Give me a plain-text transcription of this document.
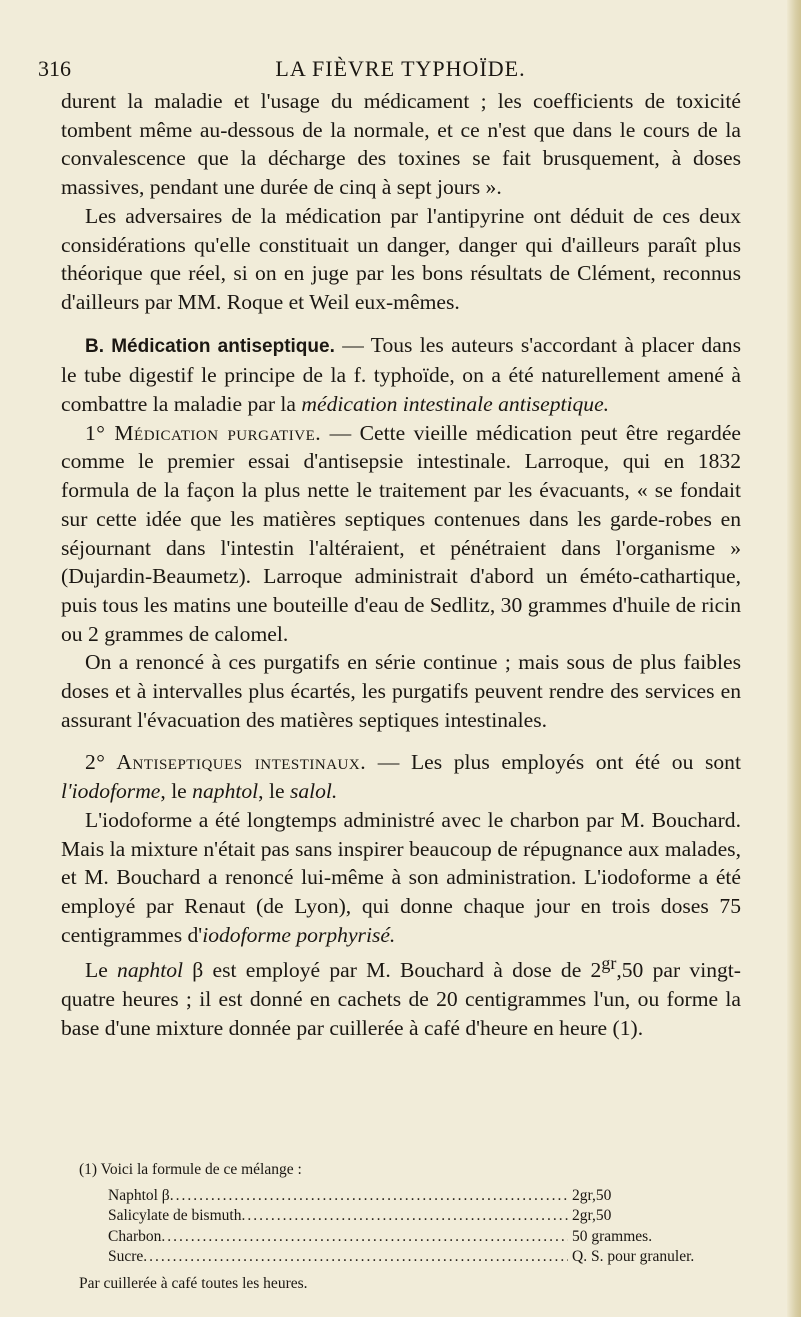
316	LA FIÈVRE TYPHOÏDE.

durent la maladie et l'usage du médicament ; les coefficients de toxicité tombent même au-dessous de la normale, et ce n'est que dans le cours de la convalescence que la décharge des toxines se fait brusquement, à doses massives, pendant une durée de cinq à sept jours ».

Les adversaires de la médication par l'antipyrine ont déduit de ces deux considérations qu'elle constituait un danger, danger qui d'ailleurs paraît plus théorique que réel, si on en juge par les bons résultats de Clément, reconnus d'ailleurs par MM. Roque et Weil eux-mêmes.

B. Médication antiseptique. — Tous les auteurs s'accordant à placer dans le tube digestif le principe de la f. typhoïde, on a été naturellement amené à combattre la maladie par la médication intestinale antiseptique.

1° Médication purgative. — Cette vieille médication peut être regardée comme le premier essai d'antisepsie intestinale. Larroque, qui en 1832 formula de la façon la plus nette le traitement par les évacuants, « se fondait sur cette idée que les matières septiques contenues dans les garde-robes en séjournant dans l'intestin l'altéraient, et pénétraient dans l'organisme » (Dujardin-Beaumetz). Larroque administrait d'abord un éméto-cathartique, puis tous les matins une bouteille d'eau de Sedlitz, 30 grammes d'huile de ricin ou 2 grammes de calomel.

On a renoncé à ces purgatifs en série continue ; mais sous de plus faibles doses et à intervalles plus écartés, les purgatifs peuvent rendre des services en assurant l'évacuation des matières septiques intestinales.

2° Antiseptiques intestinaux. — Les plus employés ont été ou sont l'iodoforme, le naphtol, le salol.

L'iodoforme a été longtemps administré avec le charbon par M. Bouchard. Mais la mixture n'était pas sans inspirer beaucoup de répugnance aux malades, et M. Bouchard a renoncé lui-même à son administration. L'iodoforme a été employé par Renaut (de Lyon), qui donne chaque jour en trois doses 75 centigrammes d'iodoforme porphyrisé.

Le naphtol β est employé par M. Bouchard à dose de $2^{gr},50$ par vingt-quatre heures ; il est donné en cachets de 20 centigrammes l'un, ou forme la base d'une mixture donnée par cuillerée à café d'heure en heure (1).

(1) Voici la formule de ce mélange :
Naphtol β .....	2gr,50
Salicylate de bismuth .....	2gr,50
Charbon .....	50 grammes.
Sucre .....	Q. S. pour granuler.
Par cuillerée à café toutes les heures.
